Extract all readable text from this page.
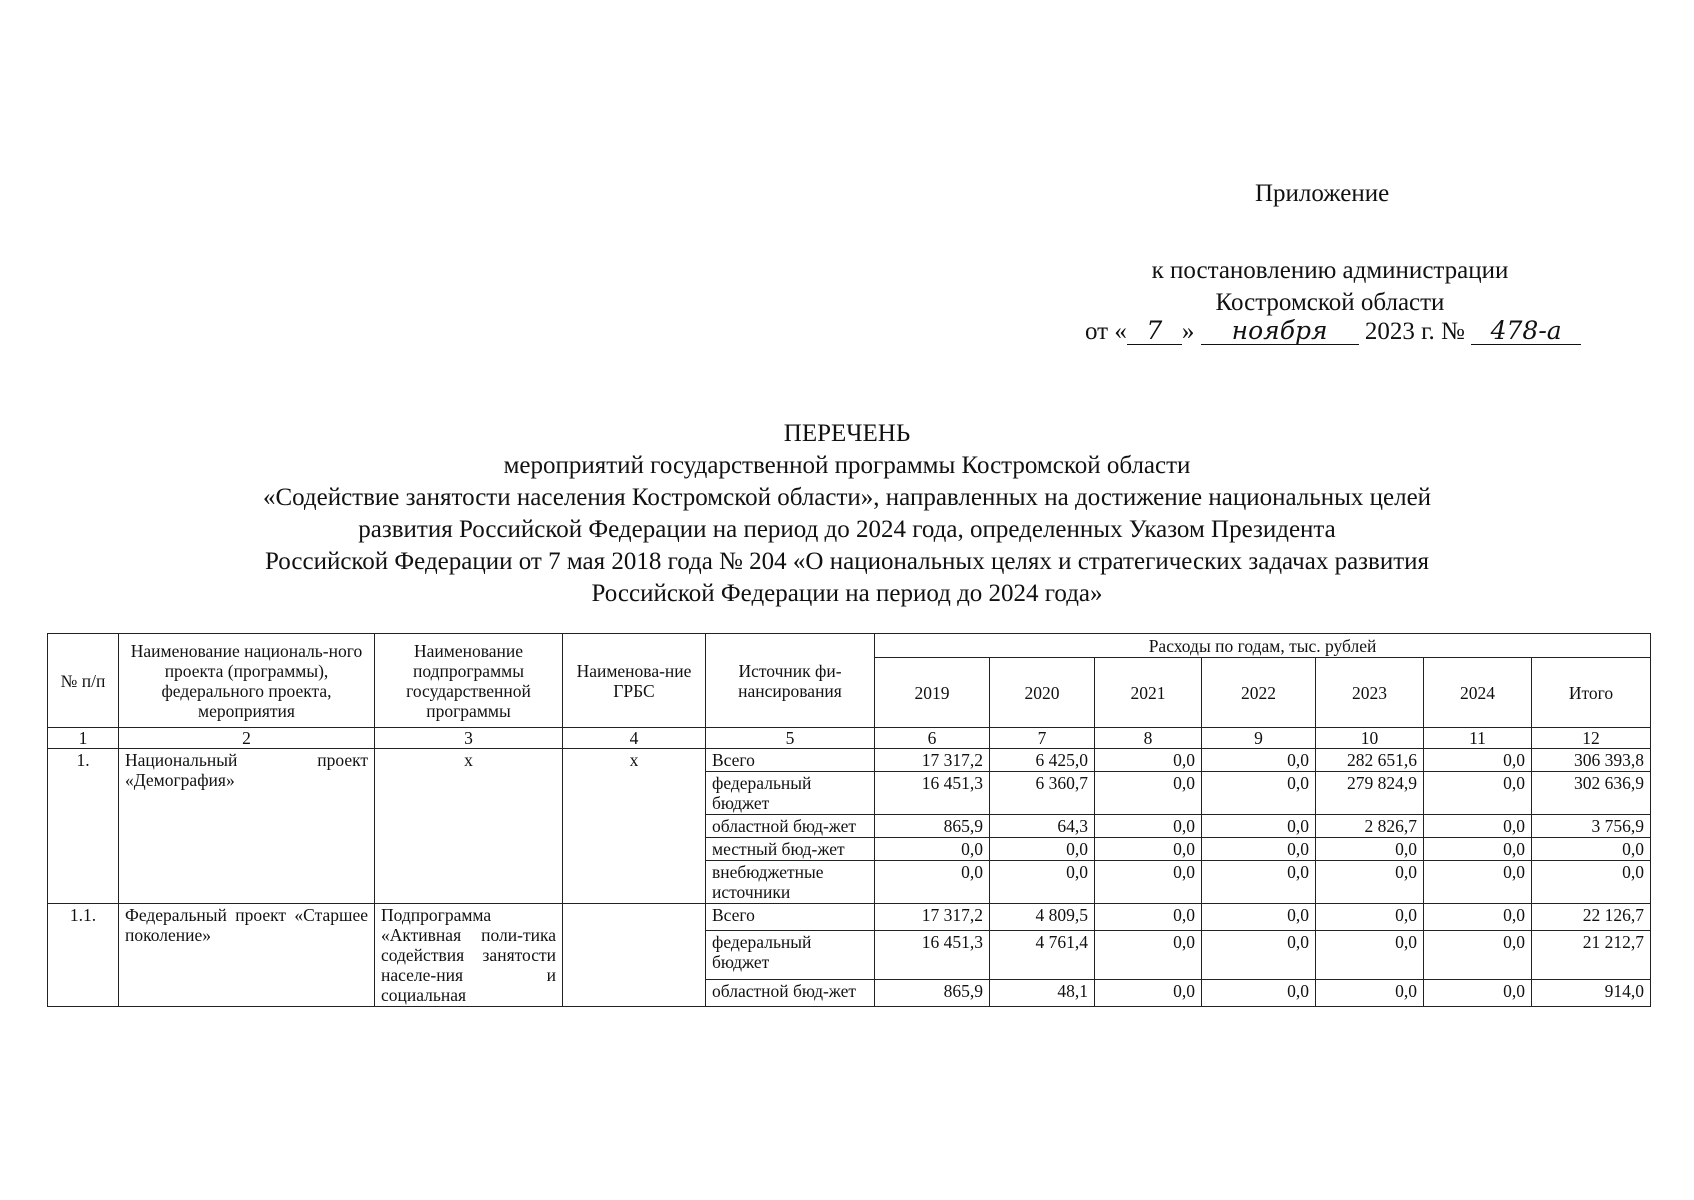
Приложение
к постановлению администрации
Костромской области
от « 7 » ноября 2023 г. № 478-а
ПЕРЕЧЕНЬ
мероприятий государственной программы Костромской области
«Содействие занятости населения Костромской области», направленных на достижение национальных целей
развития Российской Федерации на период до 2024 года, определенных Указом Президента
Российской Федерации от 7 мая 2018 года № 204 «О национальных целях и стратегических задачах развития
Российской Федерации на период до 2024 года»
№ п/п	Наименование националь-ного проекта (программы), федерального проекта, мероприятия	Наименование подпрограммы государственной программы	Наименова-ние ГРБС	Источник фи-нансирования	Расходы по годам, тыс. рублей						
					2019	2020	2021	2022	2023	2024	Итого
1	2	3	4	5	6	7	8	9	10	11	12
1.	Национальный проект «Демография»	х	х	Всего	17 317,2	6 425,0	0,0	0,0	282 651,6	0,0	306 393,8
				федеральный бюджет	16 451,3	6 360,7	0,0	0,0	279 824,9	0,0	302 636,9
				областной бюд-жет	865,9	64,3	0,0	0,0	2 826,7	0,0	3 756,9
				местный бюд-жет	0,0	0,0	0,0	0,0	0,0	0,0	0,0
				внебюджетные источники	0,0	0,0	0,0	0,0	0,0	0,0	0,0
1.1.	Федеральный проект «Старшее поколение»	Подпрограмма «Активная поли-тика содействия занятости населе-ния и социальная		Всего	17 317,2	4 809,5	0,0	0,0	0,0	0,0	22 126,7
				федеральный бюджет	16 451,3	4 761,4	0,0	0,0	0,0	0,0	21 212,7
				областной бюд-жет	865,9	48,1	0,0	0,0	0,0	0,0	914,0
